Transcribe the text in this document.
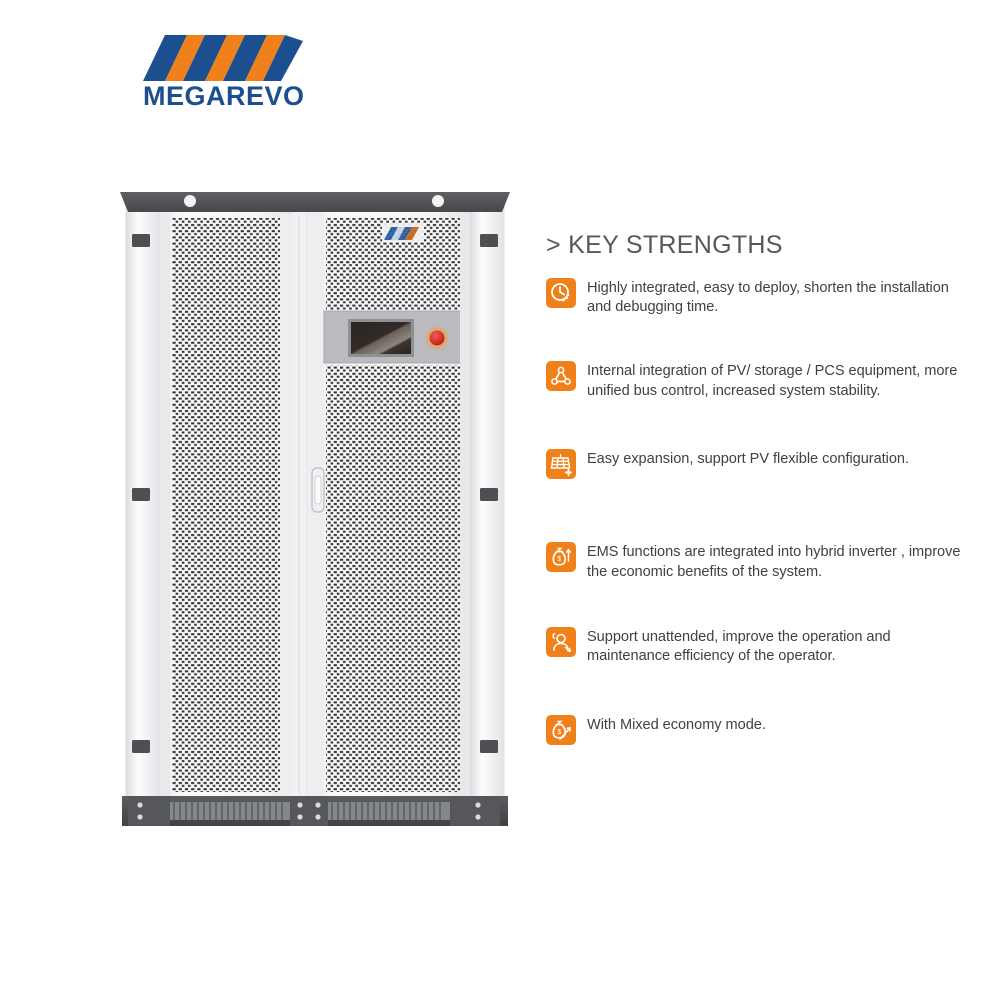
MEGAREVO
> KEY STRENGTHS
Highly integrated, easy to deploy, shorten the installation and debugging time.
Internal integration of PV/ storage / PCS equipment, more unified bus control, increased system stability.
Easy expansion, support PV flexible configuration.
$ EMS functions are integrated into hybrid inverter , improve the economic benefits of the system.
Support unattended, improve the operation and maintenance efficiency of the operator.
$ With Mixed economy mode.
